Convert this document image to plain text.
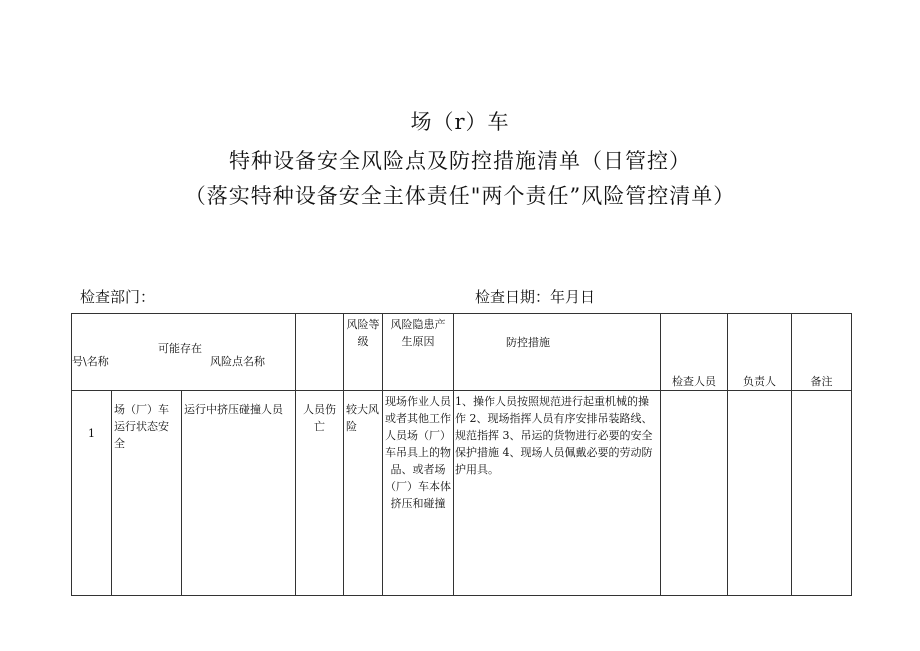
场（r）车
特种设备安全风险点及防控措施清单（日管控）
（落实特种设备安全主体责任"两个责任”风险管控清单）
检查部门：	检查日期：年月日
可能存在
号\名称 风险点名称				风险等级	风险隐患产生原因	防控措施	检查人员	负责人	备注
1	场（厂）车运行状态安全	运行中挤压碰撞人员	人员伤亡	较大风险	现场作业人员或者其他工作人员场（厂）车吊具上的物品、或者场（厂）车本体挤压和碰撞	1、操作人员按照规范进行起重机械的操作 2、现场指挥人员有序安排吊装路线、规范指挥 3、吊运的货物进行必要的安全保护措施 4、现场人员佩戴必要的劳动防护用具。			
